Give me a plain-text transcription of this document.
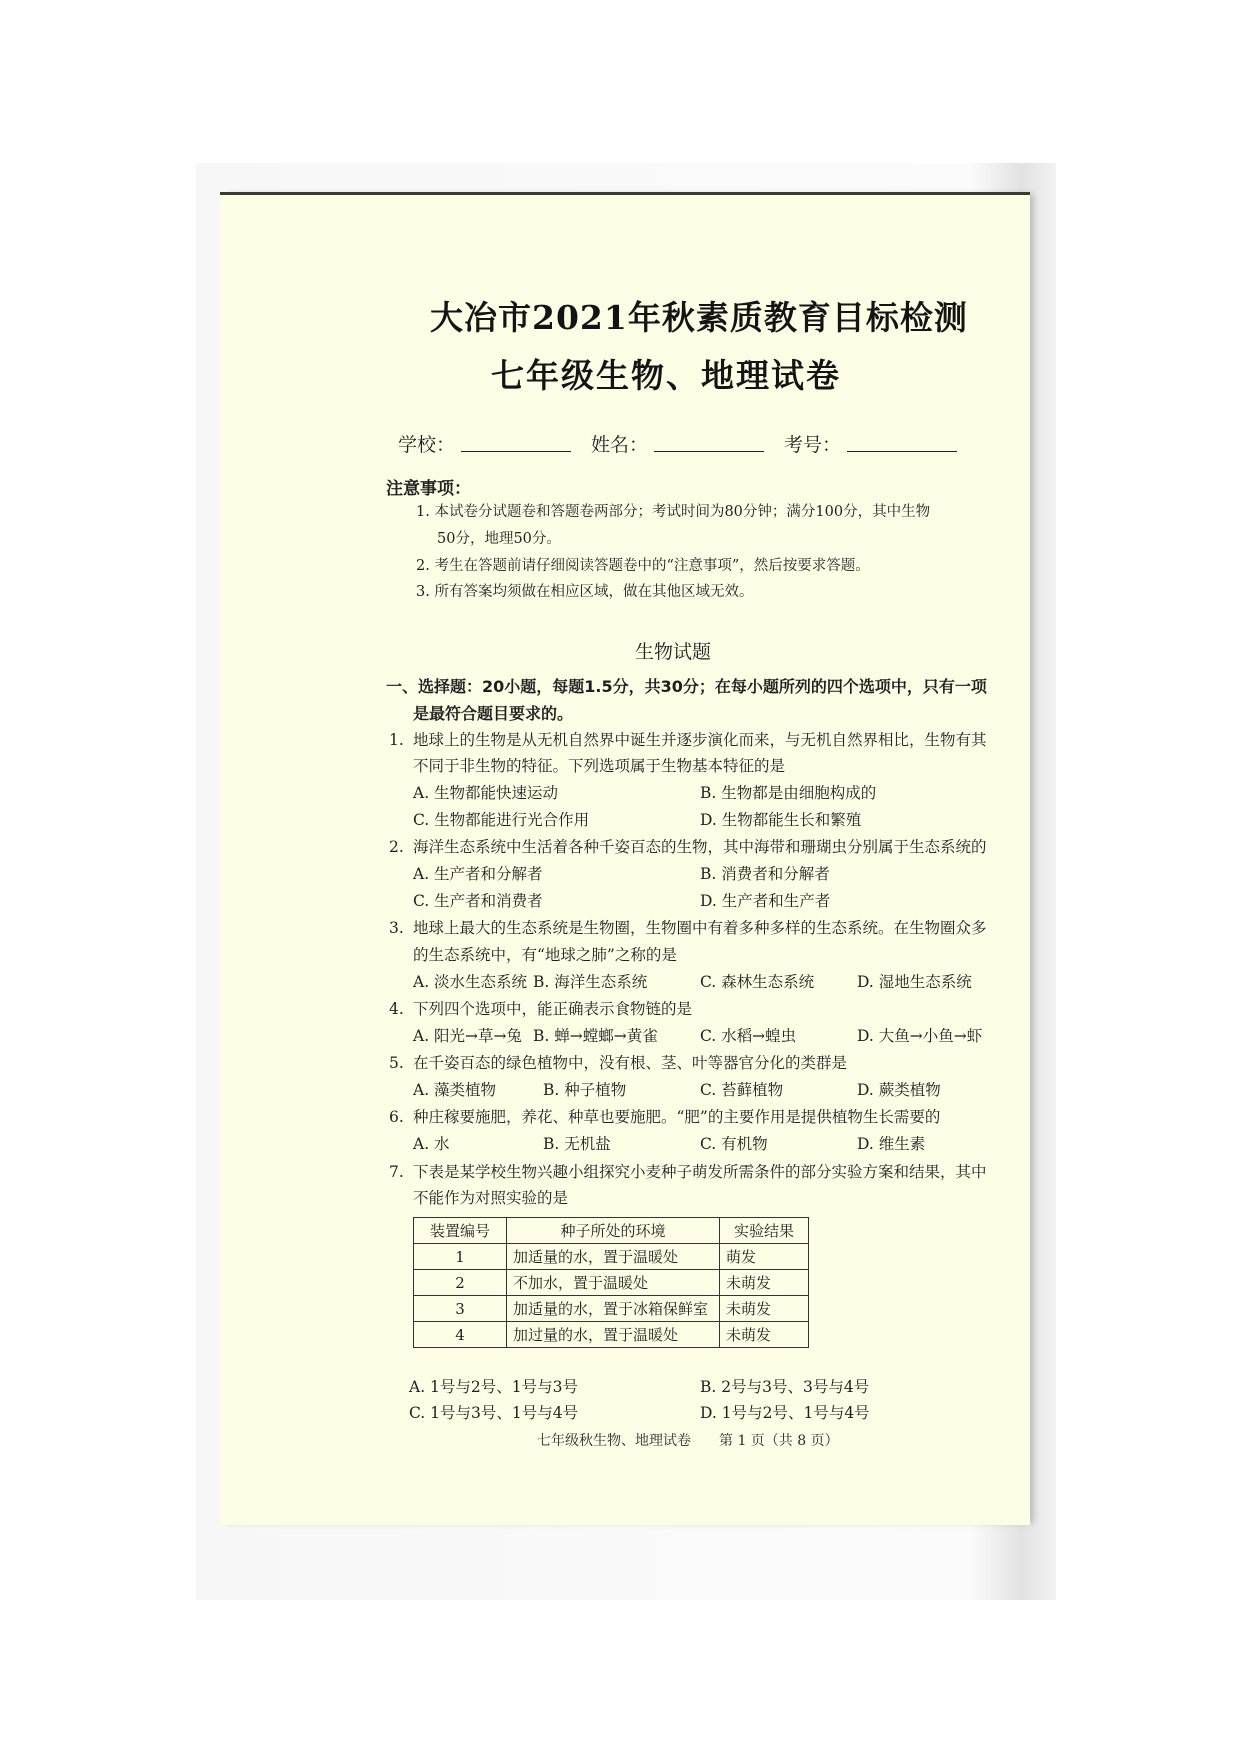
大冶市2021年秋素质教育目标检测
七年级生物、地理试卷
学校：	姓名：	考号：
注意事项：
1. 本试卷分试题卷和答题卷两部分；考试时间为80分钟；满分100分，其中生物
50分，地理50分。
2. 考生在答题前请仔细阅读答题卷中的“注意事项”，然后按要求答题。
3. 所有答案均须做在相应区域，做在其他区域无效。
生物试题
一、选择题：20小题，每题1.5分，共30分；在每小题所列的四个选项中，只有一项
是最符合题目要求的。
1. 地球上的生物是从无机自然界中诞生并逐步演化而来，与无机自然界相比，生物有其
不同于非生物的特征。下列选项属于生物基本特征的是
A. 生物都能快速运动	B. 生物都是由细胞构成的
C. 生物都能进行光合作用	D. 生物都能生长和繁殖
2. 海洋生态系统中生活着各种千姿百态的生物，其中海带和珊瑚虫分别属于生态系统的
A. 生产者和分解者	B. 消费者和分解者
C. 生产者和消费者	D. 生产者和生产者
3. 地球上最大的生态系统是生物圈，生物圈中有着多种多样的生态系统。在生物圈众多
的生态系统中，有“地球之肺”之称的是
A. 淡水生态系统 B. 海洋生态系统	C. 森林生态系统	D. 湿地生态系统
4. 下列四个选项中，能正确表示食物链的是
A. 阳光→草→兔 B. 蝉→螳螂→黄雀	C. 水稻→蝗虫	D. 大鱼→小鱼→虾
5. 在千姿百态的绿色植物中，没有根、茎、叶等器官分化的类群是
A. 藻类植物	B. 种子植物	C. 苔藓植物	D. 蕨类植物
6. 种庄稼要施肥，养花、种草也要施肥。“肥”的主要作用是提供植物生长需要的
A. 水	B. 无机盐	C. 有机物	D. 维生素
7. 下表是某学校生物兴趣小组探究小麦种子萌发所需条件的部分实验方案和结果，其中
不能作为对照实验的是
装置编号	种子所处的环境	实验结果
1	加适量的水，置于温暖处	萌发
2	不加水，置于温暖处	未萌发
3	加适量的水，置于冰箱保鲜室	未萌发
4	加过量的水，置于温暖处	未萌发
A. 1号与2号、1号与3号	B. 2号与3号、3号与4号
C. 1号与3号、1号与4号	D. 1号与2号、1号与4号
七年级秋生物、地理试卷　　第 1 页（共 8 页）
